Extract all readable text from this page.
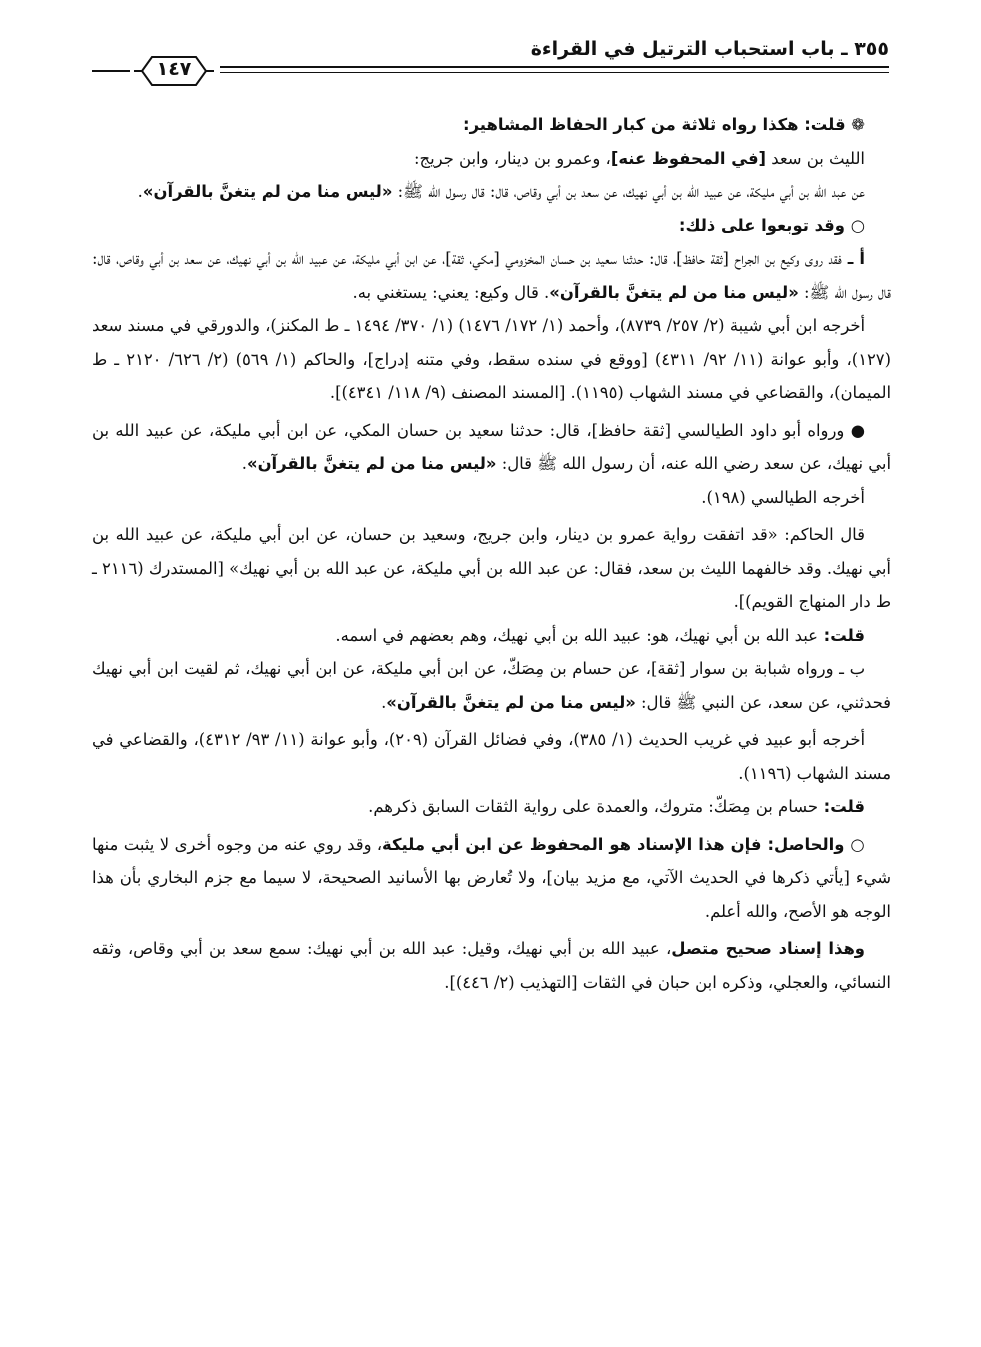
٣٥٥ ـ باب استحباب الترتيل في القراءة
١٤٧

❁ قلت: هكذا رواه ثلاثة من كبار الحفاظ المشاهير:

الليث بن سعد [في المحفوظ عنه]، وعمرو بن دينار، وابن جريج:

عن عبد الله بن أبي مليكة، عن عبيد الله بن أبي نهيك، عن سعد بن أبي وقاص، قال: قال رسول الله ﷺ: «ليس منا من لم يتغنَّ بالقرآن».

○ وقد توبعوا على ذلك:

أ ـ فقد روى وكيع بن الجراح [ثقة حافظ]، قال: حدثنا سعيد بن حسان المخزومي [مكي، ثقة]، عن ابن أبي مليكة، عن عبيد الله بن أبي نهيك، عن سعد بن أبي وقاص، قال: قال رسول الله ﷺ: «ليس منا من لم يتغنَّ بالقرآن». قال وكيع: يعني: يستغني به.

أخرجه ابن أبي شيبة (٢/ ٢٥٧/ ٨٧٣٩)، وأحمد (١/ ١٧٢/ ١٤٧٦) (١/ ٣٧٠/ ١٤٩٤ ـ ط المكنز)، والدورقي في مسند سعد (١٢٧)، وأبو عوانة (١١/ ٩٢/ ٤٣١١) [ووقع في سنده سقط، وفي متنه إدراج]، والحاكم (١/ ٥٦٩) (٢/ ٦٢٦/ ٢١٢٠ ـ ط الميمان)، والقضاعي في مسند الشهاب (١١٩٥). [المسند المصنف (٩/ ١١٨/ ٤٣٤١)].

● ورواه أبو داود الطيالسي [ثقة حافظ]، قال: حدثنا سعيد بن حسان المكي، عن ابن أبي مليكة، عن عبيد الله بن أبي نهيك، عن سعد رضي الله عنه، أن رسول الله ﷺ قال: «ليس منا من لم يتغنَّ بالقرآن».

أخرجه الطيالسي (١٩٨).

قال الحاكم: «قد اتفقت رواية عمرو بن دينار، وابن جريج، وسعيد بن حسان، عن ابن أبي مليكة، عن عبيد الله بن أبي نهيك. وقد خالفهما الليث بن سعد، فقال: عن عبد الله بن أبي مليكة، عن عبد الله بن أبي نهيك» [المستدرك (٢١١٦ ـ ط دار المنهاج القويم)].

قلت: عبد الله بن أبي نهيك، هو: عبيد الله بن أبي نهيك، وهم بعضهم في اسمه.

ب ـ ورواه شبابة بن سوار [ثقة]، عن حسام بن مِصَكّ، عن ابن أبي مليكة، عن ابن أبي نهيك، ثم لقيت ابن أبي نهيك فحدثني، عن سعد، عن النبي ﷺ قال: «ليس منا من لم يتغنَّ بالقرآن».

أخرجه أبو عبيد في غريب الحديث (١/ ٣٨٥)، وفي فضائل القرآن (٢٠٩)، وأبو عوانة (١١/ ٩٣/ ٤٣١٢)، والقضاعي في مسند الشهاب (١١٩٦).

قلت: حسام بن مِصَكّ: متروك، والعمدة على رواية الثقات السابق ذكرهم.

○ والحاصل: فإن هذا الإسناد هو المحفوظ عن ابن أبي مليكة، وقد روي عنه من وجوه أخرى لا يثبت منها شيء [يأتي ذكرها في الحديث الآتي، مع مزيد بيان]، ولا تُعارض بها الأسانيد الصحيحة، لا سيما مع جزم البخاري بأن هذا الوجه هو الأصح، والله أعلم.

وهذا إسناد صحيح متصل، عبيد الله بن أبي نهيك، وقيل: عبد الله بن أبي نهيك: سمع سعد بن أبي وقاص، وثقه النسائي، والعجلي، وذكره ابن حبان في الثقات [التهذيب (٢/ ٤٤٦)].
